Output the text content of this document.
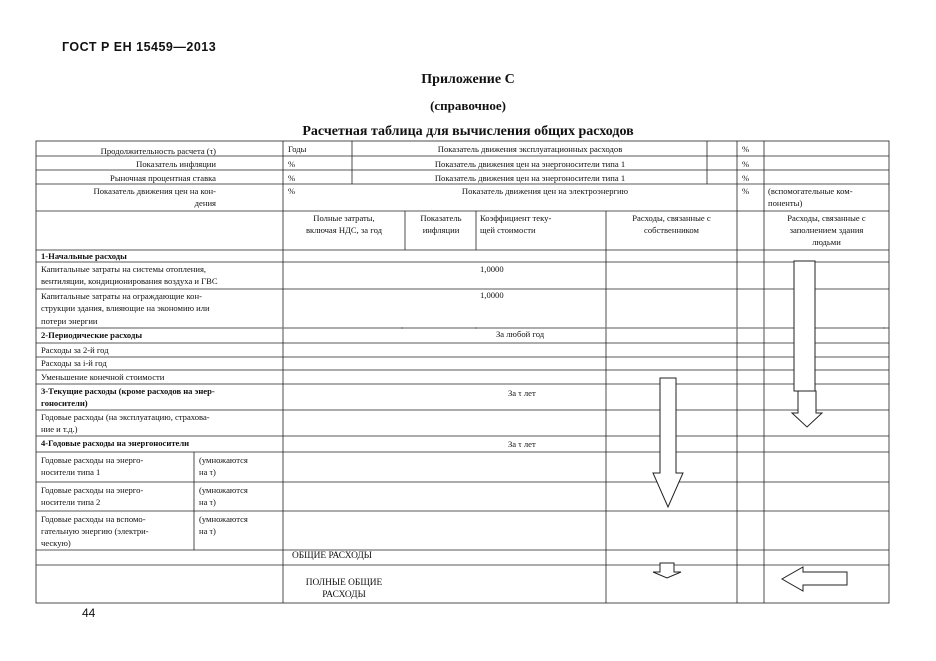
ГОСТ Р ЕН 15459—2013
Приложение С
(справочное)
Расчетная таблица для вычисления общих расходов
Продолжительность расчета (τ)
Показатель инфляции
Рыночная процентная ставка
Показатель движения цен на кон-
дения
Годы
%
%
%
Показатель движения эксплуатационных расходов
Показатель движения цен на энергоносители типа 1
Показатель движения цен на энергоносители типа 1
Показатель движения цен на электроэнергию
%
%
%
% (вспомогательные ком-
поненты)
Полные затраты,
включая НДС, за год
Показатель
инфляции
Коэффициент теку-
щей стоимости
Расходы, связанные с
собственником
Расходы, связанные с
заполнением здания
людьми
1-Начальные расходы
Капитальные затраты на системы отопления,
вентиляции, кондиционирования воздуха и ГВС
1,0000
Капитальные затраты на ограждающие кон-
струкции здания, влияющие на экономию или
потери энергии
1,0000
2-Периодические расходы	За любой год
Расходы за 2-й год
Расходы за i-й год
Уменьшение конечной стоимости
3-Текущие расходы (кроме расходов на энер-
гоносители)
За τ лет
Годовые расходы (на эксплуатацию, страхова-
ние и т.д.)
4-Годовые расходы на энергоносители	За τ лет
Годовые расходы на энерго-
носители типа 1
(умножаются
на τ)
Годовые расходы на энерго-
носители типа 2
(умножаются
на τ)
Годовые расходы на вспомо-
гательную энергию (электри-
ческую)
(умножаются
на τ)
ОБЩИЕ РАСХОДЫ
ПОЛНЫЕ ОБЩИЕ
РАСХОДЫ
44
